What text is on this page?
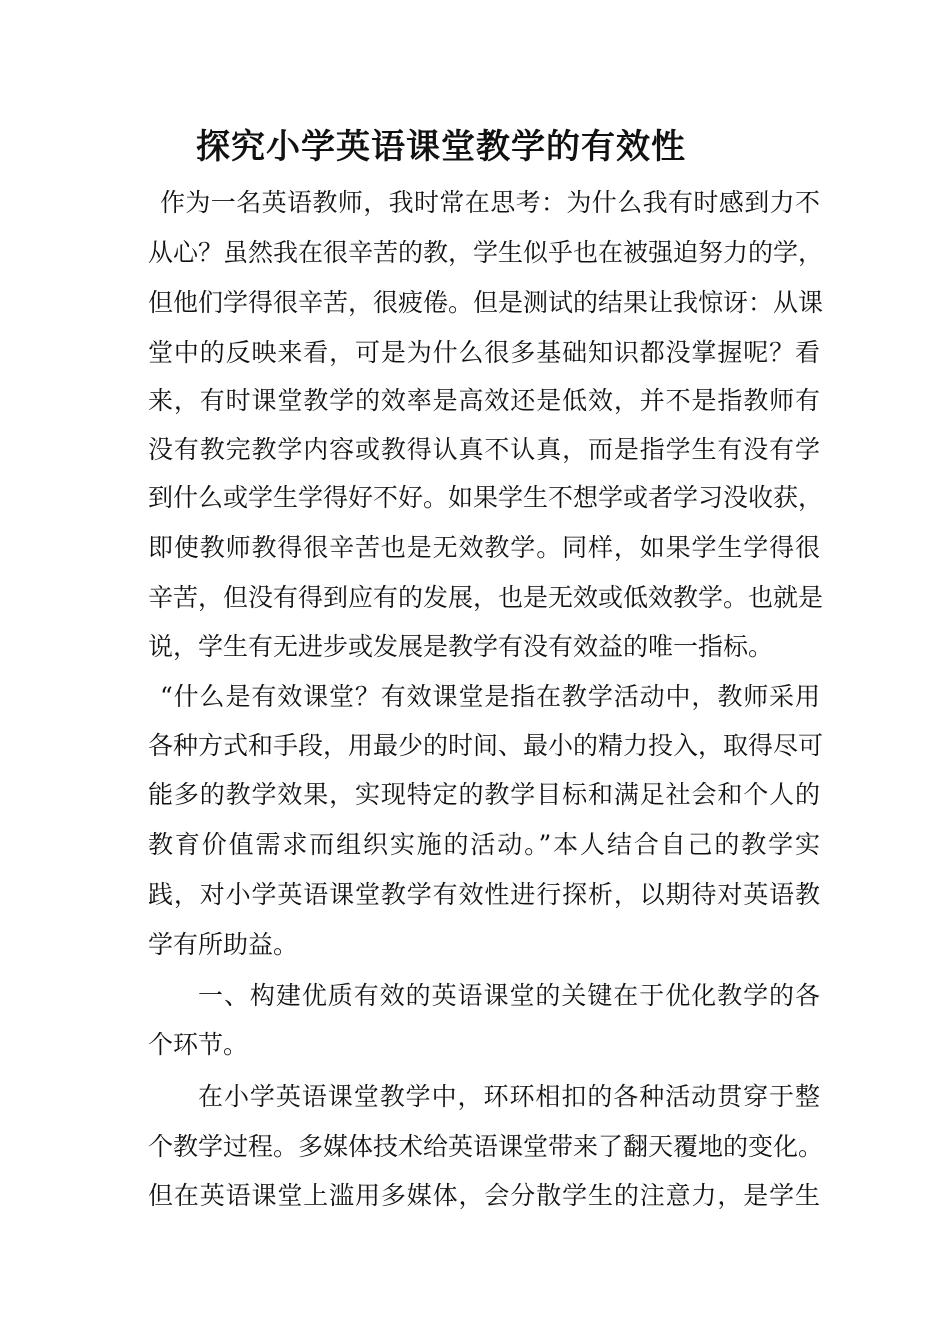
探究小学英语课堂教学的有效性
作为一名英语教师，我时常在思考：为什么我有时感到力不
从心？虽然我在很辛苦的教，学生似乎也在被强迫努力的学，
但他们学得很辛苦，很疲倦。但是测试的结果让我惊讶：从课
堂中的反映来看，可是为什么很多基础知识都没掌握呢？看
来，有时课堂教学的效率是高效还是低效，并不是指教师有
没有教完教学内容或教得认真不认真，而是指学生有没有学
到什么或学生学得好不好。如果学生不想学或者学习没收获，
即使教师教得很辛苦也是无效教学。同样，如果学生学得很
辛苦，但没有得到应有的发展，也是无效或低效教学。也就是
说，学生有无进步或发展是教学有没有效益的唯一指标。
“什么是有效课堂？有效课堂是指在教学活动中，教师采用
各种方式和手段，用最少的时间、最小的精力投入，取得尽可
能多的教学效果，实现特定的教学目标和满足社会和个人的
教育价值需求而组织实施的活动。”本人结合自己的教学实
践，对小学英语课堂教学有效性进行探析，以期待对英语教
学有所助益。
一、构建优质有效的英语课堂的关键在于优化教学的各
个环节。
在小学英语课堂教学中，环环相扣的各种活动贯穿于整
个教学过程。多媒体技术给英语课堂带来了翻天覆地的变化。
但在英语课堂上滥用多媒体，会分散学生的注意力，是学生
